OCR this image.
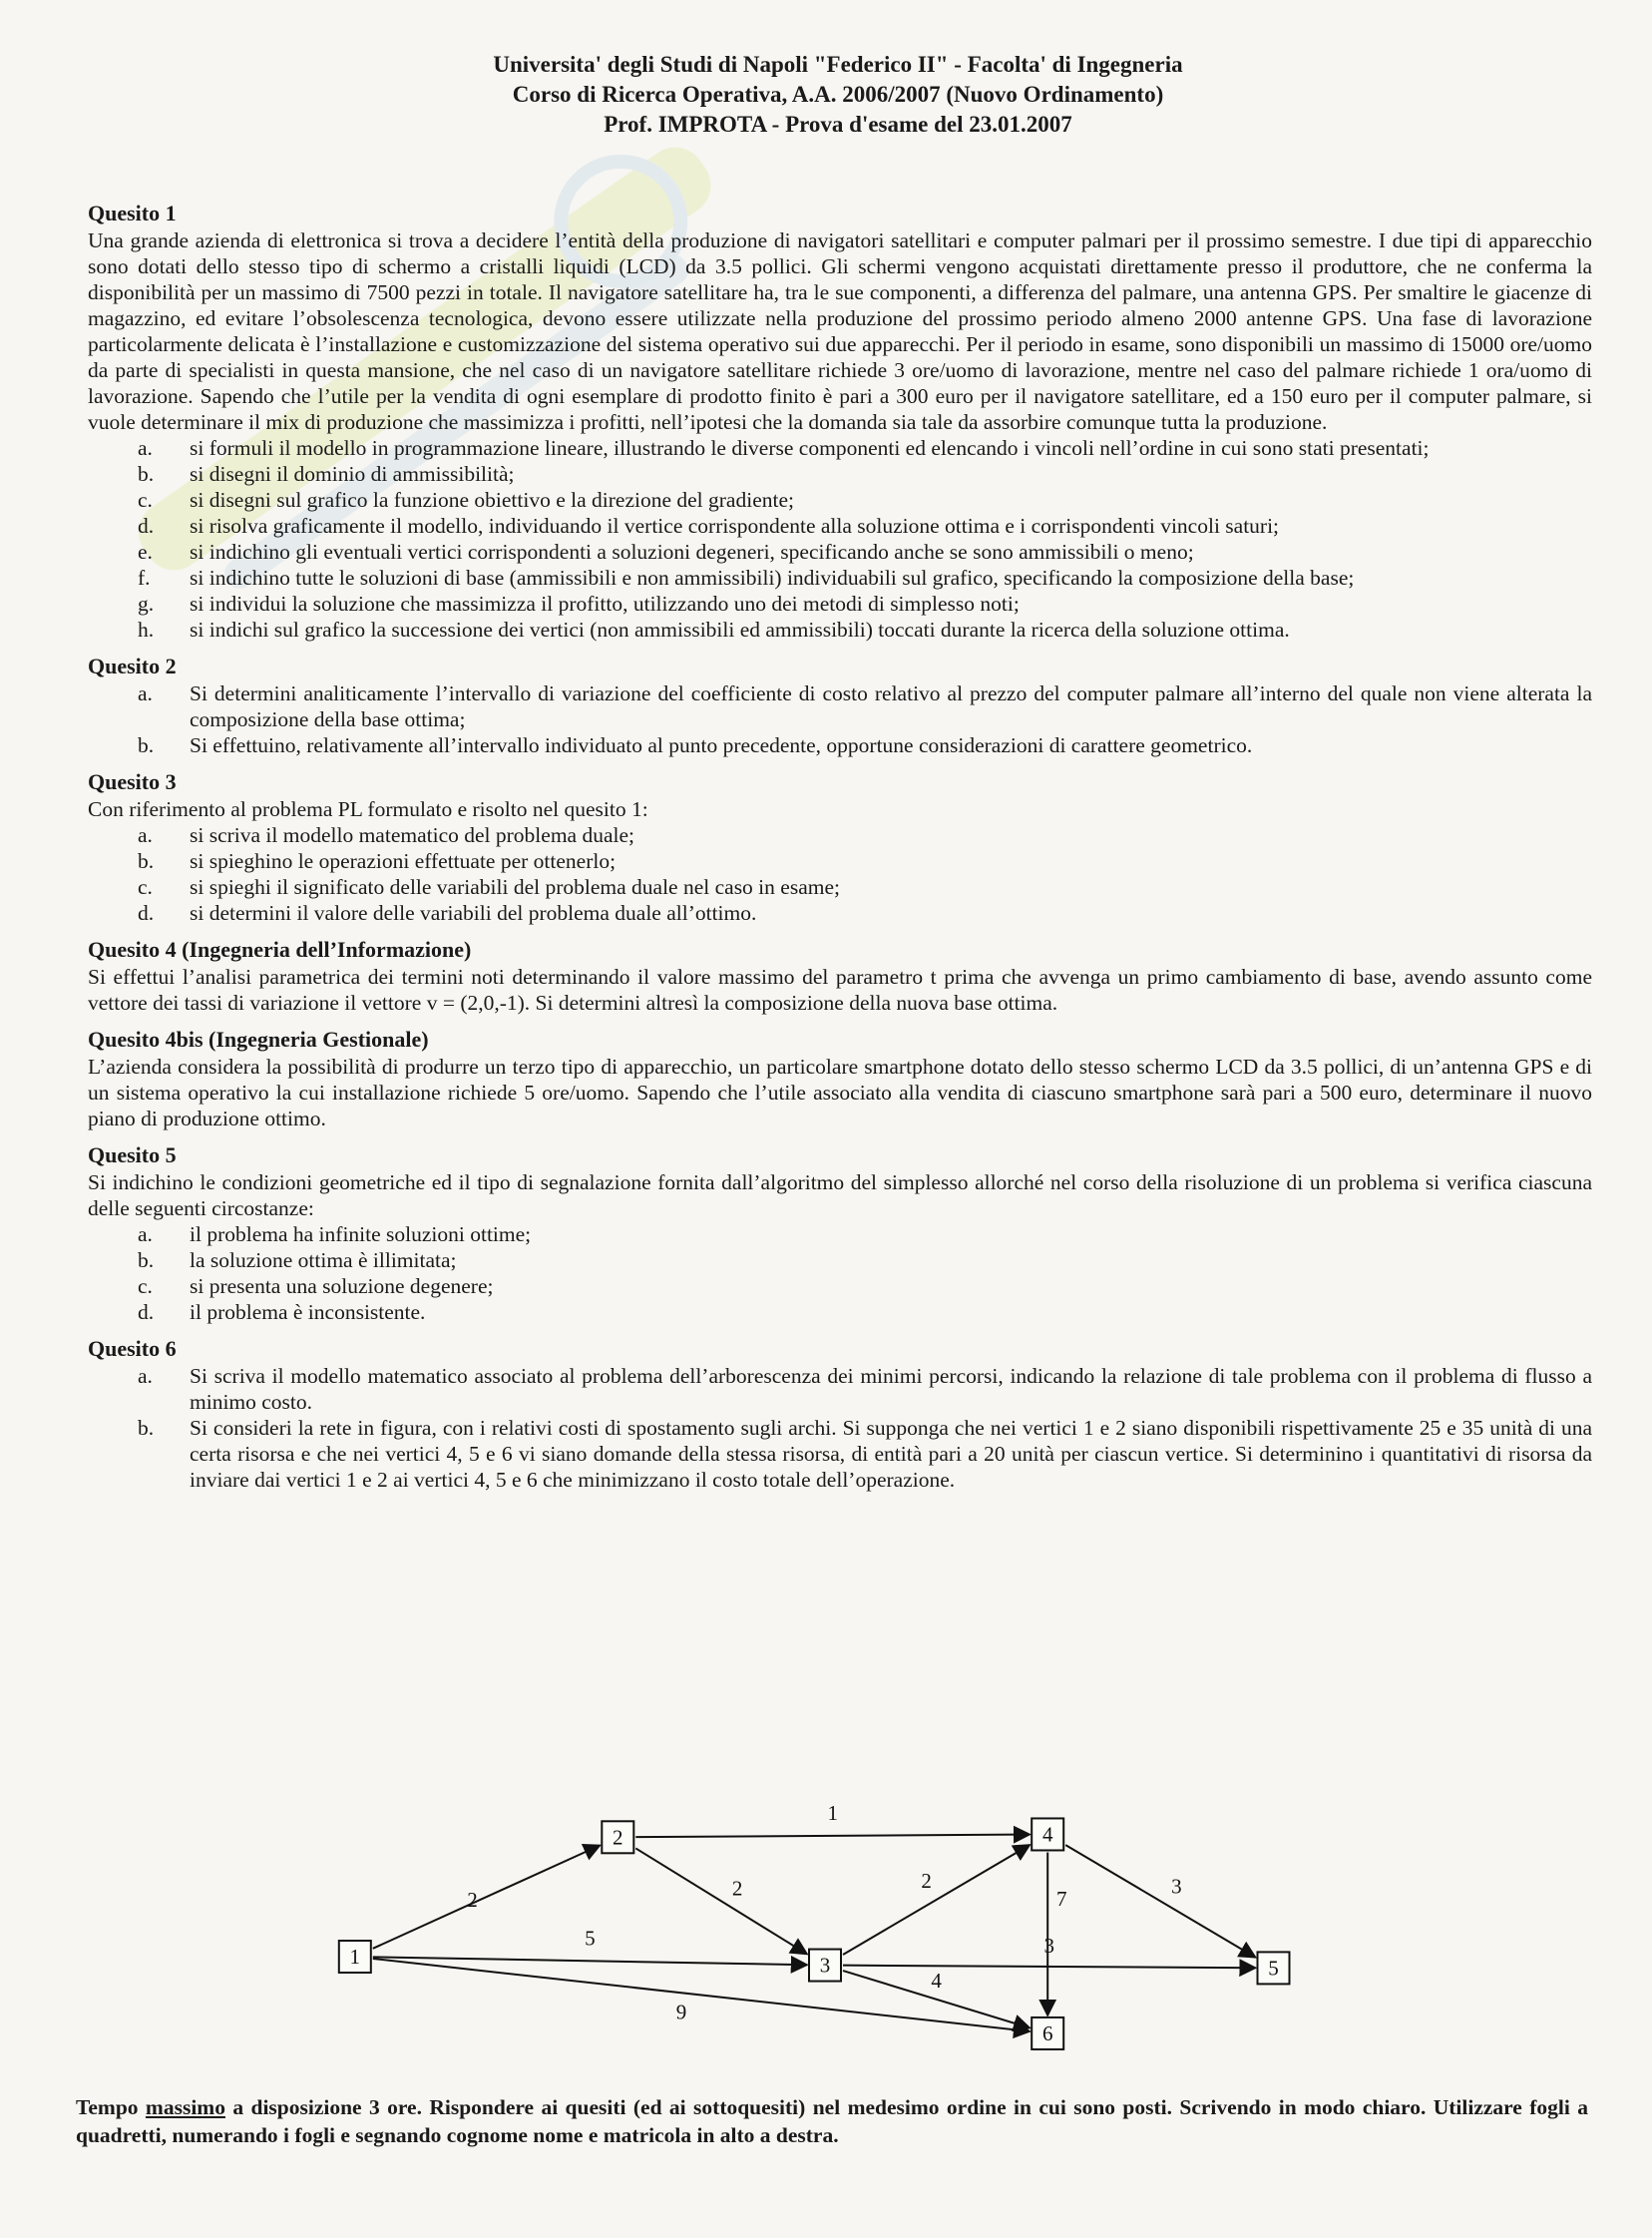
Universita' degli Studi di Napoli "Federico II" - Facolta' di Ingegneria
Corso di Ricerca Operativa, A.A. 2006/2007 (Nuovo Ordinamento)
Prof. IMPROTA - Prova d'esame del 23.01.2007
Quesito 1
Una grande azienda di elettronica si trova a decidere l’entità della produzione di navigatori satellitari e computer palmari per il prossimo semestre. I due tipi di apparecchio sono dotati dello stesso tipo di schermo a cristalli liquidi (LCD) da 3.5 pollici. Gli schermi vengono acquistati direttamente presso il produttore, che ne conferma la disponibilità per un massimo di 7500 pezzi in totale. Il navigatore satellitare ha, tra le sue componenti, a differenza del palmare, una antenna GPS. Per smaltire le giacenze di magazzino, ed evitare l’obsolescenza tecnologica, devono essere utilizzate nella produzione del prossimo periodo almeno 2000 antenne GPS. Una fase di lavorazione particolarmente delicata è l’installazione e customizzazione del sistema operativo sui due apparecchi. Per il periodo in esame, sono disponibili un massimo di 15000 ore/uomo da parte di specialisti in questa mansione, che nel caso di un navigatore satellitare richiede 3 ore/uomo di lavorazione, mentre nel caso del palmare richiede 1 ora/uomo di lavorazione. Sapendo che l’utile per la vendita di ogni esemplare di prodotto finito è pari a 300 euro per il navigatore satellitare, ed a 150 euro per il computer palmare, si vuole determinare il mix di produzione che massimizza i profitti, nell’ipotesi che la domanda sia tale da assorbire comunque tutta la produzione.
a.	si formuli il modello in programmazione lineare, illustrando le diverse componenti ed elencando i vincoli nell’ordine in cui sono stati presentati;
b.	si disegni il dominio di ammissibilità;
c.	si disegni sul grafico la funzione obiettivo e la direzione del gradiente;
d.	si risolva graficamente il modello, individuando il vertice corrispondente alla soluzione ottima e i corrispondenti vincoli saturi;
e.	si indichino gli eventuali vertici corrispondenti a soluzioni degeneri, specificando anche se sono ammissibili o meno;
f.	si indichino tutte le soluzioni di base (ammissibili e non ammissibili) individuabili sul grafico, specificando la composizione della base;
g.	si individui la soluzione che massimizza il profitto, utilizzando uno dei metodi di simplesso noti;
h.	si indichi sul grafico la successione dei vertici (non ammissibili ed ammissibili) toccati durante la ricerca della soluzione ottima.
Quesito 2
a.	Si determini analiticamente l’intervallo di variazione del coefficiente di costo relativo al prezzo del computer palmare all’interno del quale non viene alterata la composizione della base ottima;
b.	Si effettuino, relativamente all’intervallo individuato al punto precedente, opportune considerazioni di carattere geometrico.
Quesito 3
Con riferimento al problema PL formulato e risolto nel quesito 1:
a.	si scriva il modello matematico del problema duale;
b.	si spieghino le operazioni effettuate per ottenerlo;
c.	si spieghi il significato delle variabili del problema duale nel caso in esame;
d.	si determini il valore delle variabili del problema duale all’ottimo.
Quesito 4 (Ingegneria dell’Informazione)
Si effettui l’analisi parametrica dei termini noti determinando il valore massimo del parametro t prima che avvenga un primo cambiamento di base, avendo assunto come vettore dei tassi di variazione il vettore v = (2,0,-1). Si determini altresì la composizione della nuova base ottima.
Quesito 4bis (Ingegneria Gestionale)
L’azienda considera la possibilità di produrre un terzo tipo di apparecchio, un particolare smartphone dotato dello stesso schermo LCD da 3.5 pollici, di un’antenna GPS e di un sistema operativo la cui installazione richiede 5 ore/uomo. Sapendo che l’utile associato alla vendita di ciascuno smartphone sarà pari a 500 euro, determinare il nuovo piano di produzione ottimo.
Quesito 5
Si indichino le condizioni geometriche ed il tipo di segnalazione fornita dall’algoritmo del simplesso allorché nel corso della risoluzione di un problema si verifica ciascuna delle seguenti circostanze:
a.	il problema ha infinite soluzioni ottime;
b.	la soluzione ottima è illimitata;
c.	si presenta una soluzione degenere;
d.	il problema è inconsistente.
Quesito 6
a.	Si scriva il modello matematico associato al problema dell’arborescenza dei minimi percorsi, indicando la relazione di tale problema con il problema di flusso a minimo costo.
b.	Si consideri la rete in figura, con i relativi costi di spostamento sugli archi. Si supponga che nei vertici 1 e 2 siano disponibili rispettivamente 25 e 35 unità di una certa risorsa e che nei vertici 4, 5 e 6 vi siano domande della stessa risorsa, di entità pari a 20 unità per ciascun vertice. Si determinino i quantitativi di risorsa da inviare dai vertici 1 e 2 ai vertici 4, 5 e 6 che minimizzano il costo totale dell’operazione.
2
5
9
1
2	2
3
4
3
7
1
2
3
4
5
6
Tempo massimo a disposizione 3 ore. Rispondere ai quesiti (ed ai sottoquesiti) nel medesimo ordine in cui sono posti. Scrivendo in modo chiaro. Utilizzare fogli a quadretti, numerando i fogli e segnando cognome nome e matricola in alto a destra.
